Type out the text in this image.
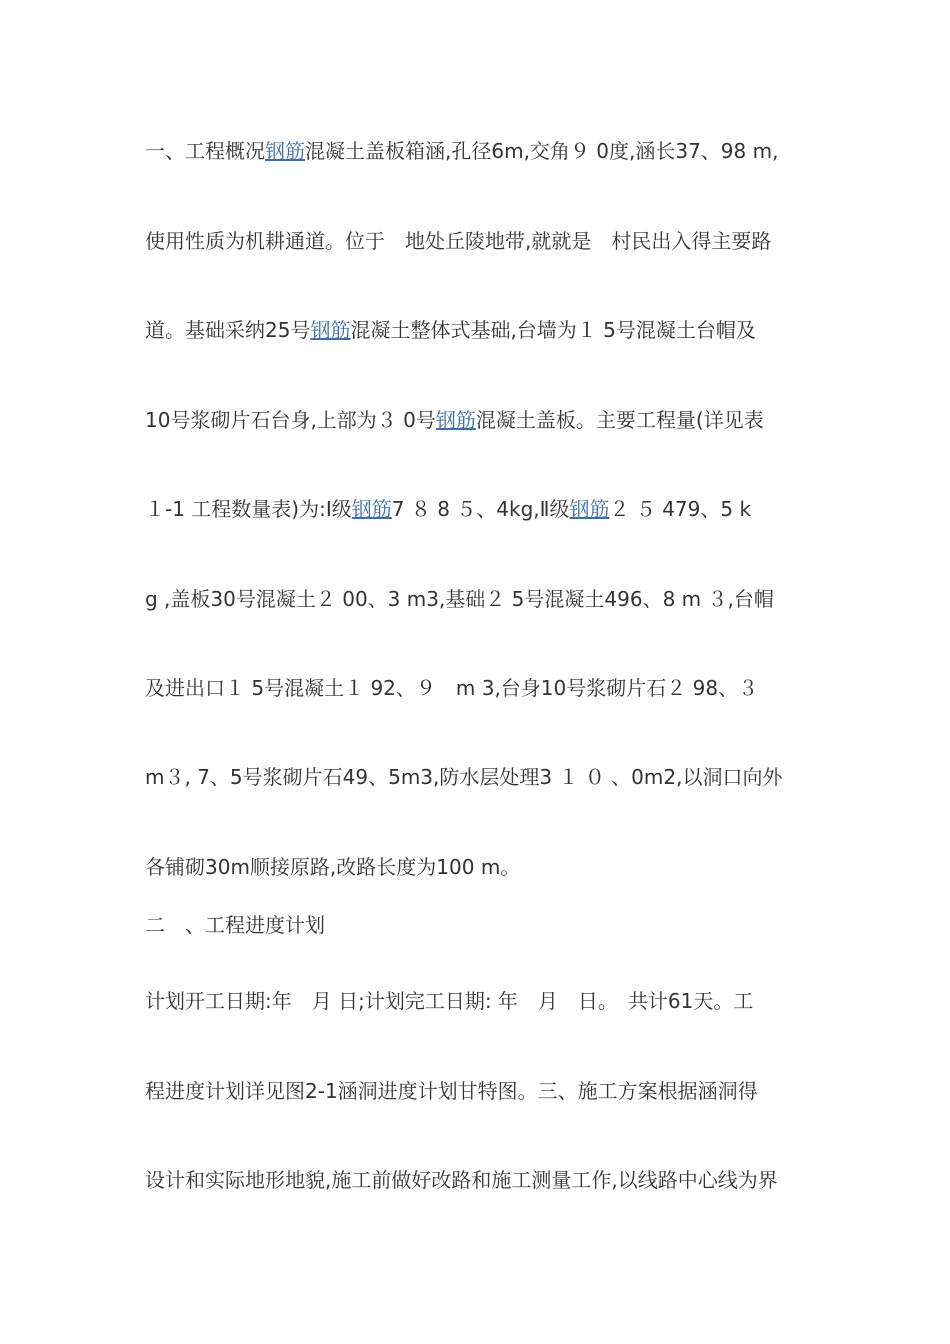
一、工程概况钢筋混凝土盖板箱涵,孔径6m,交角９ 0度,涵长37、98 m,
使用性质为机耕通道。位于　地处丘陵地带,就就是　村民出入得主要路
道。基础采纳25号钢筋混凝土整体式基础,台墙为１ 5号混凝土台帽及
10号浆砌片石台身,上部为３ 0号钢筋混凝土盖板。主要工程量(详见表
１-1 工程数量表)为:Ⅰ级钢筋7 ８ 8 ５、4kg,Ⅱ级钢筋２ ５ 479、5 k
g ,盖板30号混凝土２ 00、3 m3,基础２ 5号混凝土496、8 m ３,台帽
及进出口１ 5号混凝土１ 92、９　m 3,台身10号浆砌片石２ 98、３
m３, 7、5号浆砌片石49、5m3,防水层处理3 １ ０ 、0m2,以洞口向外
各铺砌30m顺接原路,改路长度为100 m。
二　、工程进度计划
计划开工日期:年　月 日;计划完工日期: 年　月　日。　共计61天。工
程进度计划详见图2-1涵洞进度计划甘特图。三、施工方案根据涵洞得
设计和实际地形地貌,施工前做好改路和施工测量工作,以线路中心线为界
